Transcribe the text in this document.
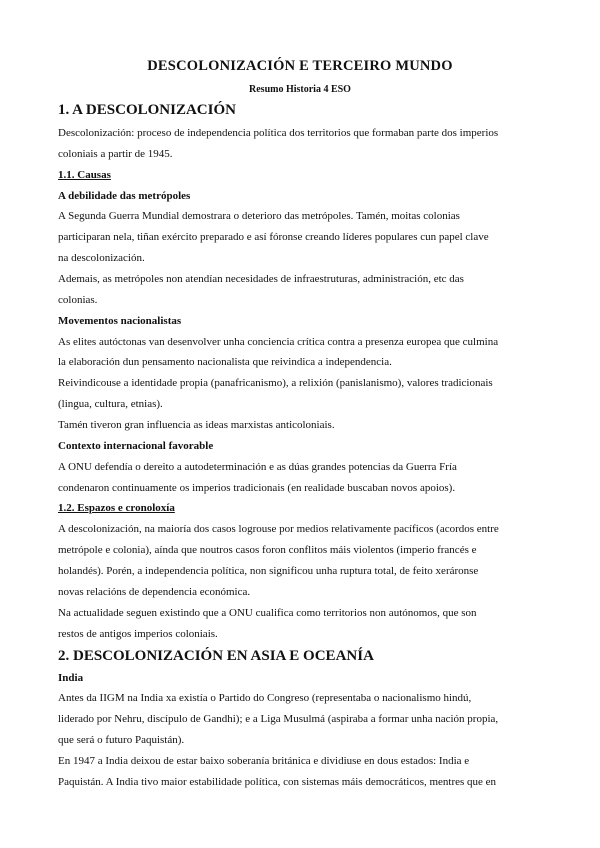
DESCOLONIZACIÓN E TERCEIRO MUNDO
Resumo Historia 4 ESO
1. A DESCOLONIZACIÓN
Descolonización: proceso de independencia política dos territorios que formaban parte dos imperios
coloniais a partir de 1945.
1.1. Causas
A debilidade das metrópoles
A Segunda Guerra Mundial demostrara o deterioro das metrópoles. Tamén, moitas colonias
participaran nela, tiñan exército preparado e así fóronse creando líderes populares cun papel clave
na descolonización.
Ademais, as metrópoles non atendían necesidades de infraestruturas, administración, etc das
colonias.
Movementos nacionalistas
As elites autóctonas van desenvolver unha conciencia crítica contra a presenza europea que culmina
la elaboración dun pensamento nacionalista que reivindica a independencia.
Reivindicouse a identidade propia (panafricanismo), a relixión (panislanismo), valores tradicionais
(lingua, cultura, etnias).
Tamén tiveron gran influencia as ideas marxistas anticoloniais.
Contexto internacional favorable
A ONU defendía o dereito a autodeterminación e as dúas grandes potencias da Guerra Fría
condenaron continuamente os imperios tradicionais (en realidade buscaban novos apoios).
1.2. Espazos e cronoloxía
A descolonización, na maioría dos casos logrouse por medios relativamente pacíficos (acordos entre
metrópole e colonia), aínda que noutros casos foron conflitos máis violentos (imperio francés e
holandés). Porén, a independencia política, non significou unha ruptura total, de feito xeráronse
novas relacións de dependencia económica.
Na actualidade seguen existindo que a ONU cualifica como territorios non autónomos, que son
restos de antigos imperios coloniais.
2. DESCOLONIZACIÓN EN ASIA E OCEANÍA
India
Antes da IIGM na India xa existía o Partido do Congreso (representaba o nacionalismo hindú,
liderado por Nehru, discípulo de Gandhi); e a Liga Musulmá (aspiraba a formar unha nación propia,
que será o futuro Paquistán).
En 1947 a India deixou de estar baixo soberanía británica e dividiuse en dous estados: India e
Paquistán. A India tivo maior estabilidade política, con sistemas máis democráticos, mentres que en
